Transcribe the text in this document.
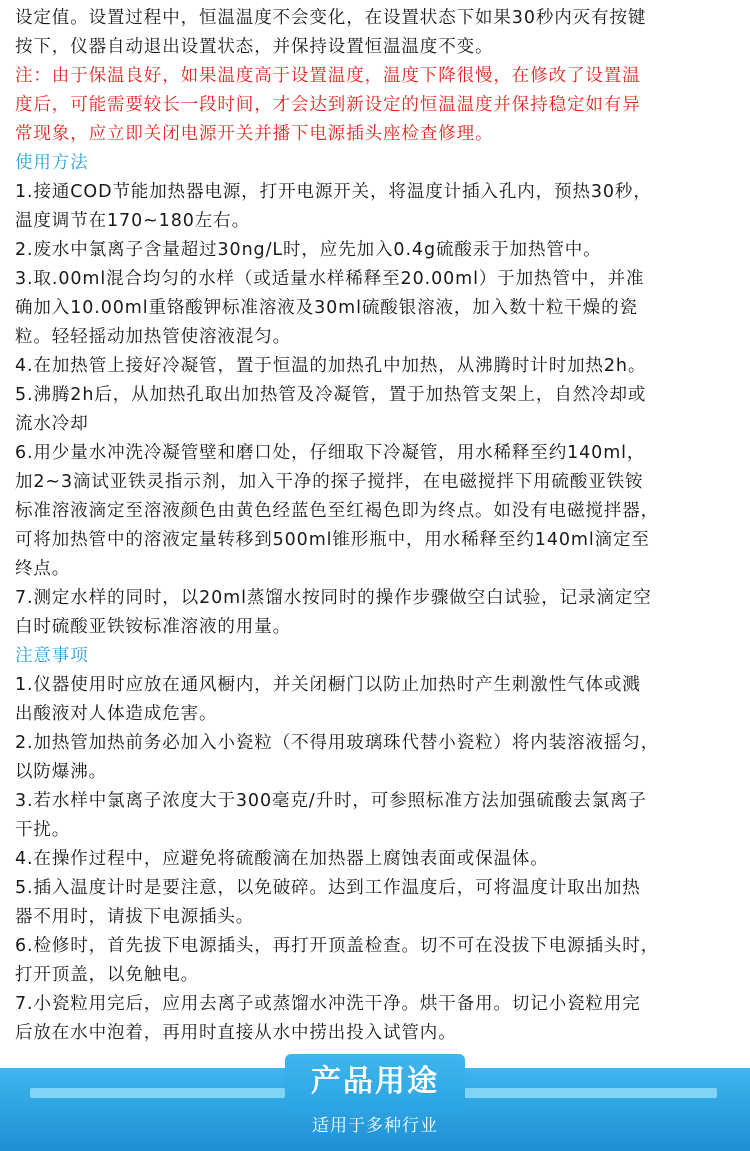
设定值。设置过程中，恒温温度不会变化，在设置状态下如果30秒内灭有按键
按下，仪器自动退出设置状态，并保持设置恒温温度不变。
注：由于保温良好，如果温度高于设置温度，温度下降很慢，在修改了设置温
度后，可能需要较长一段时间，才会达到新设定的恒温温度并保持稳定如有异
常现象，应立即关闭电源开关并播下电源插头座检查修理。
使用方法
1.接通COD节能加热器电源，打开电源开关，将温度计插入孔内，预热30秒，
温度调节在170~180左右。
2.废水中氯离子含量超过30ng/L时，应先加入0.4g硫酸汞于加热管中。
3.取.00ml混合均匀的水样（或适量水样稀释至20.00ml）于加热管中，并准
确加入10.00ml重铬酸钾标准溶液及30ml硫酸银溶液，加入数十粒干燥的瓷
粒。轻轻摇动加热管使溶液混匀。
4.在加热管上接好冷凝管，置于恒温的加热孔中加热，从沸腾时计时加热2h。
5.沸腾2h后，从加热孔取出加热管及冷凝管，置于加热管支架上，自然冷却或
流水冷却
6.用少量水冲洗冷凝管壁和磨口处，仔细取下冷凝管，用水稀释至约140ml，
加2~3滴试亚铁灵指示剂，加入干净的探子搅拌，在电磁搅拌下用硫酸亚铁铵
标准溶液滴定至溶液颜色由黄色经蓝色至红褐色即为终点。如没有电磁搅拌器，
可将加热管中的溶液定量转移到500ml锥形瓶中，用水稀释至约140ml滴定至
终点。
7.测定水样的同时，以20ml蒸馏水按同时的操作步骤做空白试验，记录滴定空
白时硫酸亚铁铵标准溶液的用量。
注意事项
1.仪器使用时应放在通风橱内，并关闭橱门以防止加热时产生刺激性气体或溅
出酸液对人体造成危害。
2.加热管加热前务必加入小瓷粒（不得用玻璃珠代替小瓷粒）将内装溶液摇匀，
以防爆沸。
3.若水样中氯离子浓度大于300毫克/升时，可参照标准方法加强硫酸去氯离子
干扰。
4.在操作过程中，应避免将硫酸滴在加热器上腐蚀表面或保温体。
5.插入温度计时是要注意，以免破碎。达到工作温度后，可将温度计取出加热
器不用时，请拔下电源插头。
6.检修时，首先拔下电源插头，再打开顶盖检查。切不可在没拔下电源插头时，
打开顶盖，以免触电。
7.小瓷粒用完后，应用去离子或蒸馏水冲洗干净。烘干备用。切记小瓷粒用完
后放在水中泡着，再用时直接从水中捞出投入试管内。
产品用途
适用于多种行业
